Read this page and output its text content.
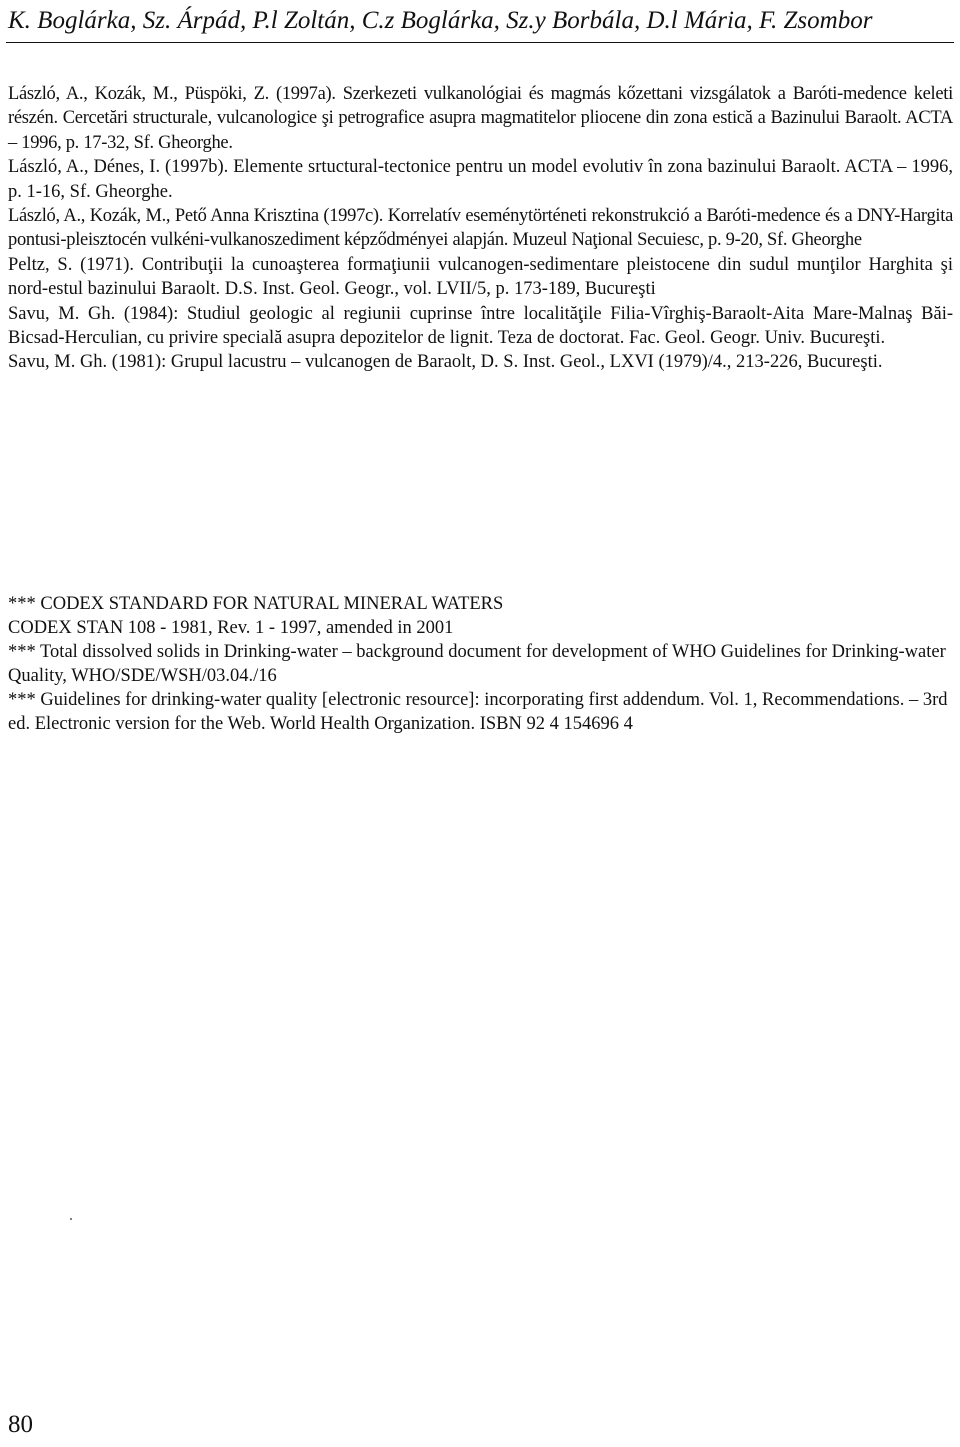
K. Boglárka, Sz. Árpád, P.l Zoltán, C.z Boglárka, Sz.y Borbála, D.l Mária, F. Zsombor

László, A., Kozák, M., Püspöki, Z. (1997a). Szerkezeti vulkanológiai és magmás kőzettani vizsgálatok a Baróti-medence keleti részén. Cercetări structurale, vulcanologice şi petrografice asupra magmatitelor pliocene din zona estică a Bazinului Baraolt. ACTA – 1996, p. 17-32, Sf. Gheorghe.

László, A., Dénes, I. (1997b). Elemente srtuctural-tectonice pentru un model evolutiv în zona bazinului Baraolt. ACTA – 1996, p. 1-16, Sf. Gheorghe.

László, A., Kozák, M., Pető Anna Krisztina (1997c). Korrelatív eseménytörténeti rekonstrukció a Baróti-medence és a DNY-Hargita pontusi-pleisztocén vulkéni-vulkanoszediment képződményei alapján. Muzeul Naţional Secuiesc, p. 9-20, Sf. Gheorghe

Peltz, S. (1971). Contribuţii la cunoaşterea formaţiunii vulcanogen-sedimentare pleistocene din sudul munţilor Harghita şi nord-estul bazinului Baraolt. D.S. Inst. Geol. Geogr., vol. LVII/5, p. 173-189, Bucureşti

Savu, M. Gh. (1984): Studiul geologic al regiunii cuprinse între localităţile Filia-Vîrghiş-Baraolt-Aita Mare-Malnaş Băi-Bicsad-Herculian, cu privire specială asupra depozitelor de lignit. Teza de doctorat. Fac. Geol. Geogr. Univ. Bucureşti.

Savu, M. Gh. (1981): Grupul lacustru – vulcanogen de Baraolt, D. S. Inst. Geol., LXVI (1979)/4., 213-226, Bucureşti.

*** CODEX STANDARD FOR NATURAL MINERAL WATERS

CODEX STAN 108 - 1981, Rev. 1 - 1997, amended in 2001

*** Total dissolved solids in Drinking-water – background document for development of WHO Guidelines for Drinking-water Quality, WHO/SDE/WSH/03.04./16

*** Guidelines for drinking-water quality [electronic resource]: incorporating first addendum. Vol. 1, Recommendations. – 3rd ed. Electronic version for the Web. World Health Organization. ISBN 92 4 154696 4

80
